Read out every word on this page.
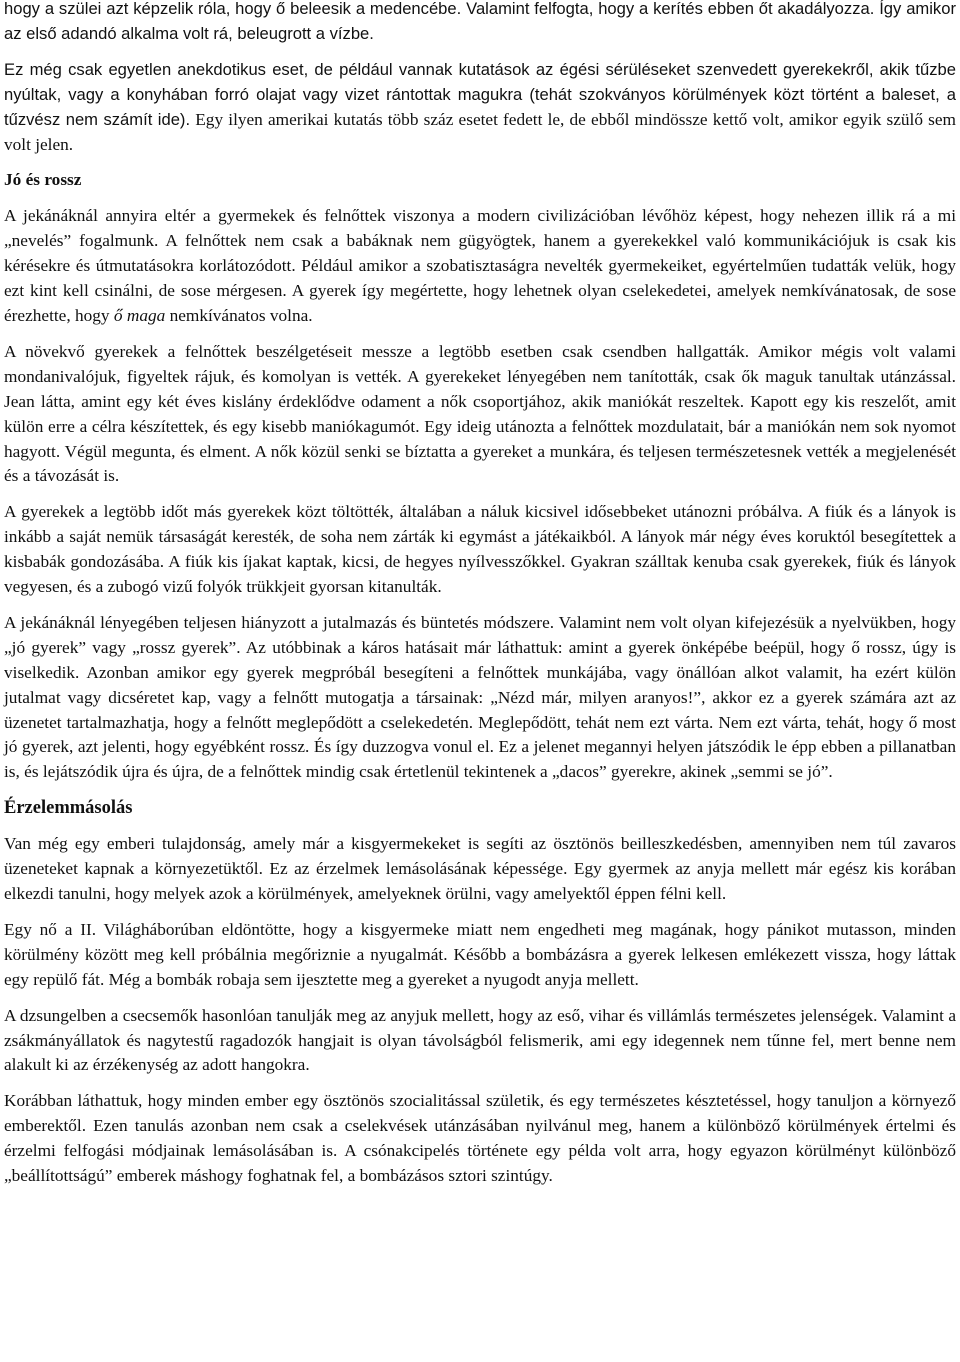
hogy a szülei azt képzelik róla, hogy ő beleesik a medencébe. Valamint felfogta, hogy a kerítés ebben őt akadályozza. Így amikor az első adandó alkalma volt rá, beleugrott a vízbe.

Ez még csak egyetlen anekdotikus eset, de például vannak kutatások az égési sérüléseket szenvedett gyerekekről, akik tűzbe nyúltak, vagy a konyhában forró olajat vagy vizet rántottak magukra (tehát szokványos körülmények közt történt a baleset, a tűzvész nem számít ide). Egy ilyen amerikai kutatás több száz esetet fedett le, de ebből mindössze kettő volt, amikor egyik szülő sem volt jelen.

Jó és rossz

A jekánáknál annyira eltér a gyermekek és felnőttek viszonya a modern civilizációban lévőhöz képest, hogy nehezen illik rá a mi „nevelés” fogalmunk. A felnőttek nem csak a babáknak nem gügyögtek, hanem a gyerekekkel való kommunikációjuk is csak kis kérésekre és útmutatásokra korlátozódott. Például amikor a szobatisztaságra nevelték gyermekeiket, egyértelműen tudatták velük, hogy ezt kint kell csinálni, de sose mérgesen. A gyerek így megértette, hogy lehetnek olyan cselekedetei, amelyek nemkívánatosak, de sose érezhette, hogy ő maga nemkívánatos volna.

A növekvő gyerekek a felnőttek beszélgetéseit messze a legtöbb esetben csak csendben hallgatták. Amikor mégis volt valami mondanivalójuk, figyeltek rájuk, és komolyan is vették. A gyerekeket lényegében nem tanították, csak ők maguk tanultak utánzással. Jean látta, amint egy két éves kislány érdeklődve odament a nők csoportjához, akik maniókát reszeltek. Kapott egy kis reszelőt, amit külön erre a célra készítettek, és egy kisebb maniókagumót. Egy ideig utánozta a felnőttek mozdulatait, bár a maniókán nem sok nyomot hagyott. Végül megunta, és elment. A nők közül senki se bíztatta a gyereket a munkára, és teljesen természetesnek vették a megjelenését és a távozását is.

A gyerekek a legtöbb időt más gyerekek közt töltötték, általában a náluk kicsivel idősebbeket utánozni próbálva. A fiúk és a lányok is inkább a saját nemük társaságát keresték, de soha nem zárták ki egymást a játékaikból. A lányok már négy éves koruktól besegítettek a kisbabák gondozásába. A fiúk kis íjakat kaptak, kicsi, de hegyes nyílvesszőkkel. Gyakran szálltak kenuba csak gyerekek, fiúk és lányok vegyesen, és a zubogó vizű folyók trükkjeit gyorsan kitanulták.

A jekánáknál lényegében teljesen hiányzott a jutalmazás és büntetés módszere. Valamint nem volt olyan kifejezésük a nyelvükben, hogy „jó gyerek” vagy „rossz gyerek”. Az utóbbinak a káros hatásait már láthattuk: amint a gyerek önképébe beépül, hogy ő rossz, úgy is viselkedik. Azonban amikor egy gyerek megpróbál besegíteni a felnőttek munkájába, vagy önállóan alkot valamit, ha ezért külön jutalmat vagy dicséretet kap, vagy a felnőtt mutogatja a társainak: „Nézd már, milyen aranyos!”, akkor ez a gyerek számára azt az üzenetet tartalmazhatja, hogy a felnőtt meglepődött a cselekedetén. Meglepődött, tehát nem ezt várta. Nem ezt várta, tehát, hogy ő most jó gyerek, azt jelenti, hogy egyébként rossz. És így duzzogva vonul el. Ez a jelenet megannyi helyen játszódik le épp ebben a pillanatban is, és lejátszódik újra és újra, de a felnőttek mindig csak értetlenül tekintenek a „dacos” gyerekre, akinek „semmi se jó”.

Érzelemmásolás

Van még egy emberi tulajdonság, amely már a kisgyermekeket is segíti az ösztönös beilleszkedésben, amennyiben nem túl zavaros üzeneteket kapnak a környezetüktől. Ez az érzelmek lemásolásának képessége. Egy gyermek az anyja mellett már egész kis korában elkezdi tanulni, hogy melyek azok a körülmények, amelyeknek örülni, vagy amelyektől éppen félni kell.

Egy nő a II. Világháborúban eldöntötte, hogy a kisgyermeke miatt nem engedheti meg magának, hogy pánikot mutasson, minden körülmény között meg kell próbálnia megőriznie a nyugalmát. Később a bombázásra a gyerek lelkesen emlékezett vissza, hogy láttak egy repülő fát. Még a bombák robaja sem ijesztette meg a gyereket a nyugodt anyja mellett.

A dzsungelben a csecsemők hasonlóan tanulják meg az anyjuk mellett, hogy az eső, vihar és villámlás természetes jelenségek. Valamint a zsákmányállatok és nagytestű ragadozók hangjait is olyan távolságból felismerik, ami egy idegennek nem tűnne fel, mert benne nem alakult ki az érzékenység az adott hangokra.

Korábban láthattuk, hogy minden ember egy ösztönös szocialitással születik, és egy természetes késztetéssel, hogy tanuljon a környező emberektől. Ezen tanulás azonban nem csak a cselekvések utánzásában nyilvánul meg, hanem a különböző körülmények értelmi és érzelmi felfogási módjainak lemásolásában is. A csónakcipelés története egy példa volt arra, hogy egyazon körülményt különböző „beállítottságú” emberek máshogy foghatnak fel, a bombázásos sztori szintúgy.
